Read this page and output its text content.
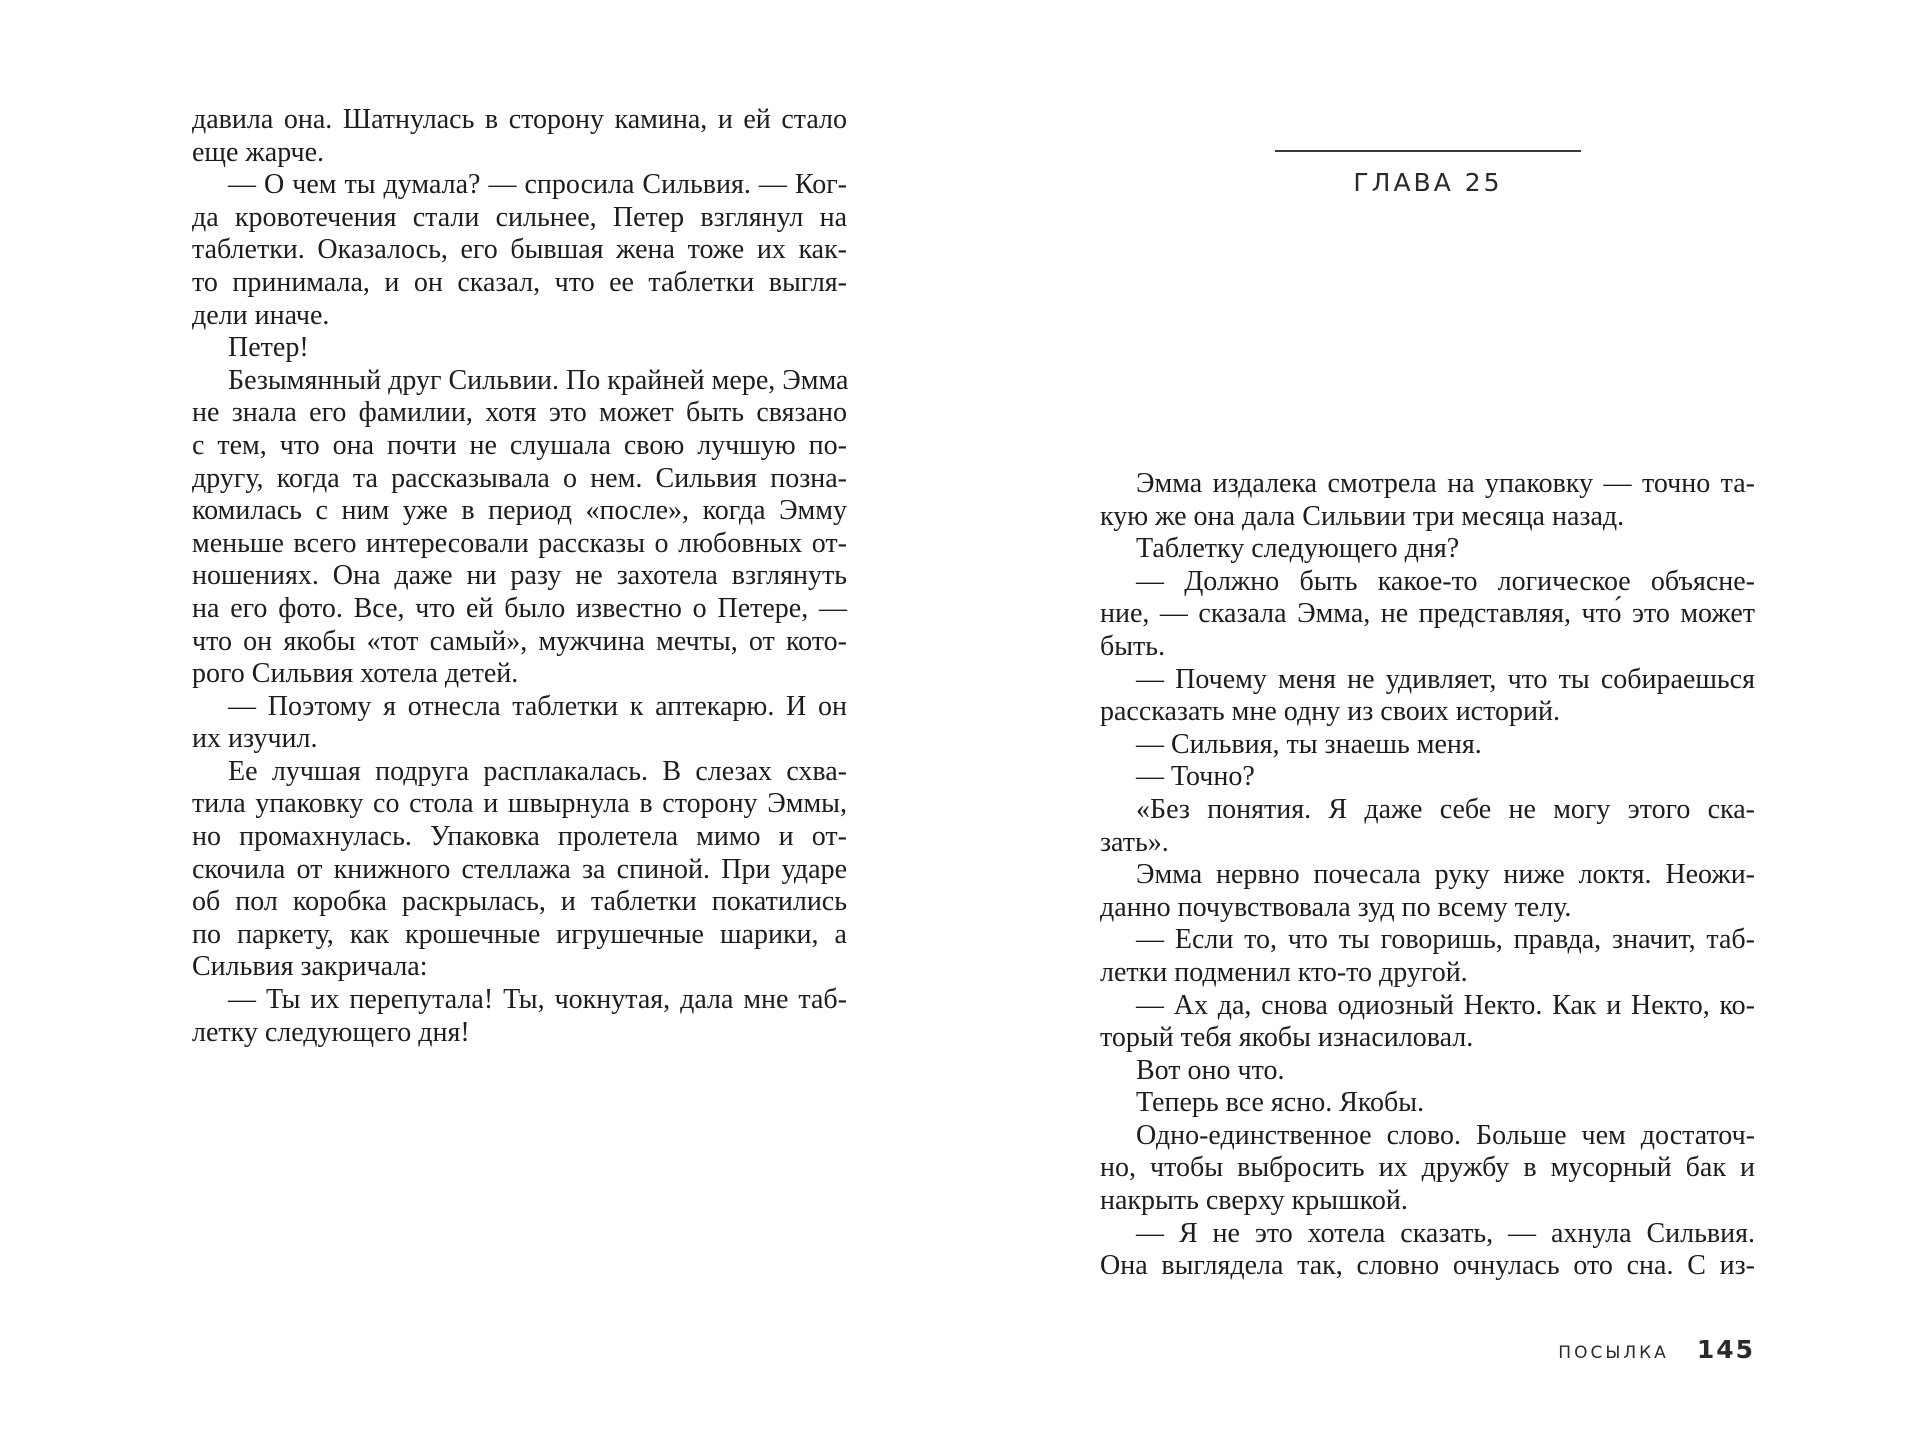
давила она. Шатнулась в сторону камина, и ей стало
еще жарче.
— О чем ты думала? — спросила Сильвия. — Ког-
да кровотечения стали сильнее, Петер взглянул на
таблетки. Оказалось, его бывшая жена тоже их как-
то принимала, и он сказал, что ее таблетки выгля-
дели иначе.
Петер!
Безымянный друг Сильвии. По крайней мере, Эмма
не знала его фамилии, хотя это может быть связано
с тем, что она почти не слушала свою лучшую по-
другу, когда та рассказывала о нем. Сильвия позна-
комилась с ним уже в период «после», когда Эмму
меньше всего интересовали рассказы о любовных от-
ношениях. Она даже ни разу не захотела взглянуть
на его фото. Все, что ей было известно о Петере, —
что он якобы «тот самый», мужчина мечты, от кото-
рого Сильвия хотела детей.
— Поэтому я отнесла таблетки к аптекарю. И он
их изучил.
Ее лучшая подруга расплакалась. В слезах схва-
тила упаковку со стола и швырнула в сторону Эммы,
но промахнулась. Упаковка пролетела мимо и от-
скочила от книжного стеллажа за спиной. При ударе
об пол коробка раскрылась, и таблетки покатились
по паркету, как крошечные игрушечные шарики, а
Сильвия закричала:
— Ты их перепутала! Ты, чокнутая, дала мне таб-
летку следующего дня!
ГЛАВА 25
Эмма издалека смотрела на упаковку — точно та-
кую же она дала Сильвии три месяца назад.
Таблетку следующего дня?
— Должно быть какое-то логическое объясне-
ние, — сказала Эмма, не представляя, что́ это может
быть.
— Почему меня не удивляет, что ты собираешься
рассказать мне одну из своих историй.
— Сильвия, ты знаешь меня.
— Точно?
«Без понятия. Я даже себе не могу этого ска-
зать».
Эмма нервно почесала руку ниже локтя. Неожи-
данно почувствовала зуд по всему телу.
— Если то, что ты говоришь, правда, значит, таб-
летки подменил кто-то другой.
— Ах да, снова одиозный Некто. Как и Некто, ко-
торый тебя якобы изнасиловал.
Вот оно что.
Теперь все ясно. Якобы.
Одно-единственное слово. Больше чем достаточ-
но, чтобы выбросить их дружбу в мусорный бак и
накрыть сверху крышкой.
— Я не это хотела сказать, — ахнула Сильвия.
Она выглядела так, словно очнулась ото сна. С из-
ПОСЫЛКА 145
